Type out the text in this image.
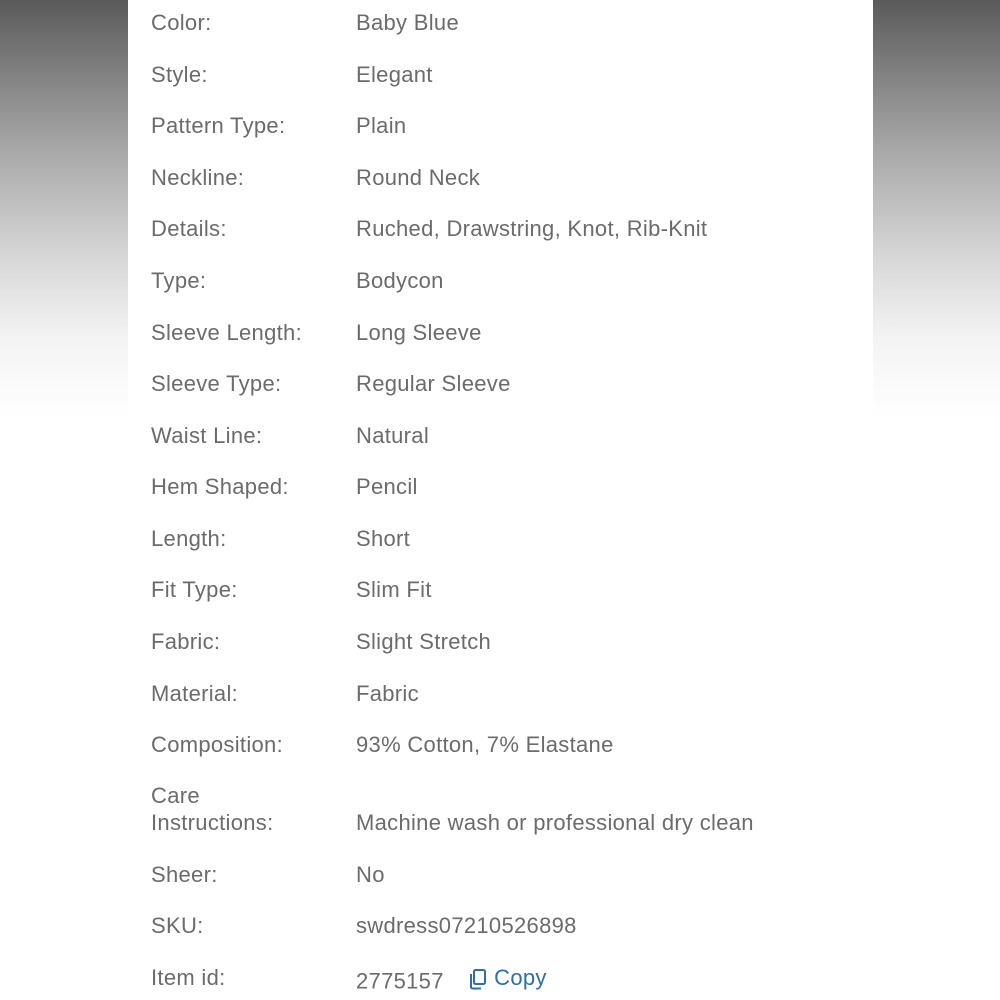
Color:	Baby Blue
Style:	Elegant
Pattern Type:	Plain
Neckline:	Round Neck
Details:	Ruched, Drawstring, Knot, Rib-Knit
Type:	Bodycon
Sleeve Length:	Long Sleeve
Sleeve Type:	Regular Sleeve
Waist Line:	Natural
Hem Shaped:	Pencil
Length:	Short
Fit Type:	Slim Fit
Fabric:	Slight Stretch
Material:	Fabric
Composition:	93% Cotton, 7% Elastane
Care
Instructions:	Machine wash or professional dry clean
Sheer:	No
SKU:	swdress07210526898
Item id:	2775157 Copy
